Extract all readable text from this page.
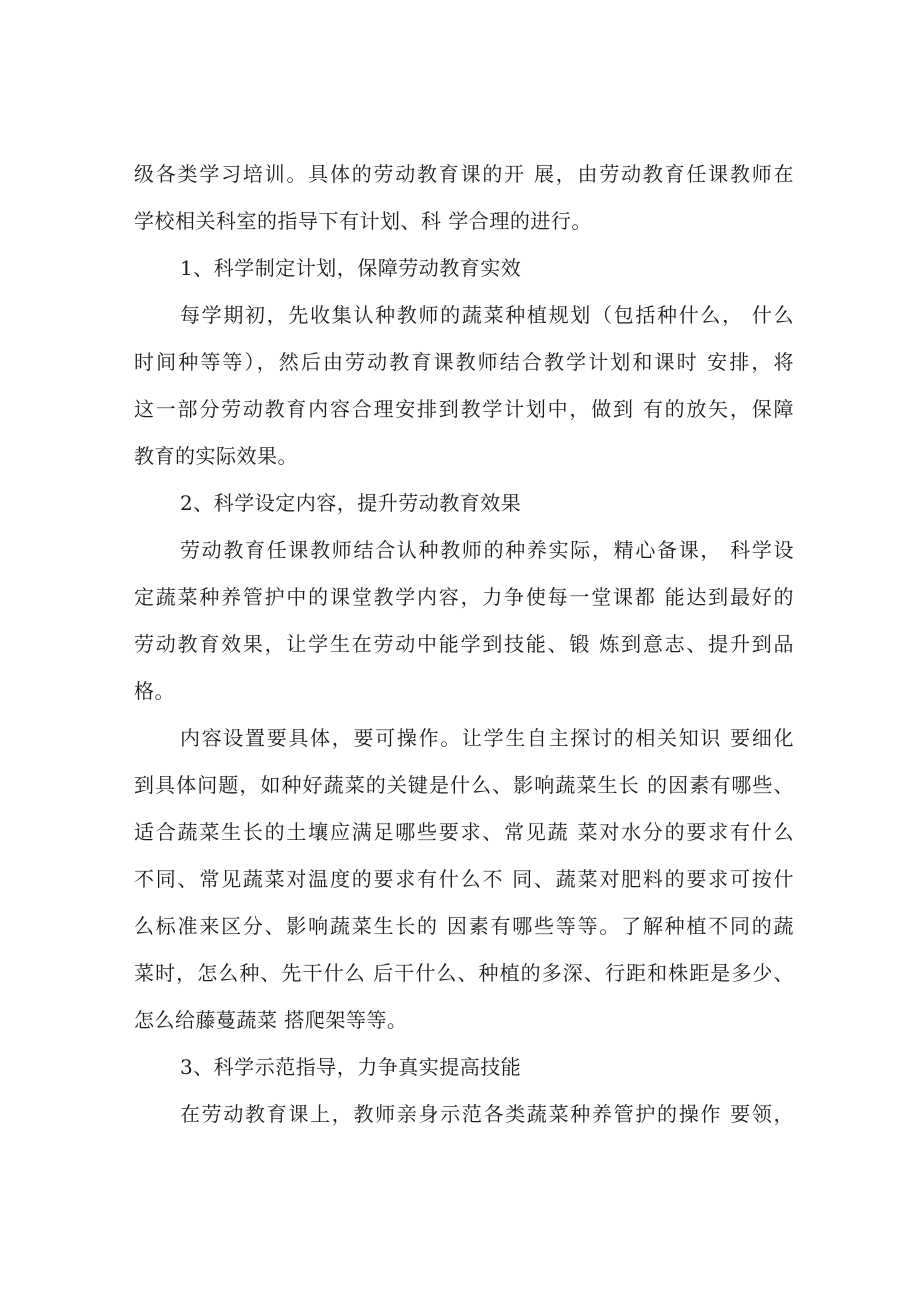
级各类学习培训。具体的劳动教育课的开 展，由劳动教育任课教师在
学校相关科室的指导下有计划、科 学合理的进行。
1、科学制定计划，保障劳动教育实效
每学期初，先收集认种教师的蔬菜种植规划（包括种什么， 什么
时间种等等），然后由劳动教育课教师结合教学计划和课时 安排，将
这一部分劳动教育内容合理安排到教学计划中，做到 有的放矢，保障
教育的实际效果。
2、科学设定内容，提升劳动教育效果
劳动教育任课教师结合认种教师的种养实际，精心备课， 科学设
定蔬菜种养管护中的课堂教学内容，力争使每一堂课都 能达到最好的
劳动教育效果，让学生在劳动中能学到技能、锻 炼到意志、提升到品
格。
内容设置要具体，要可操作。让学生自主探讨的相关知识 要细化
到具体问题，如种好蔬菜的关键是什么、影响蔬菜生长 的因素有哪些、
适合蔬菜生长的土壤应满足哪些要求、常见蔬 菜对水分的要求有什么
不同、常见蔬菜对温度的要求有什么不 同、蔬菜对肥料的要求可按什
么标准来区分、影响蔬菜生长的 因素有哪些等等。了解种植不同的蔬
菜时，怎么种、先干什么 后干什么、种植的多深、行距和株距是多少、
怎么给藤蔓蔬菜 搭爬架等等。
3、科学示范指导，力争真实提高技能
在劳动教育课上，教师亲身示范各类蔬菜种养管护的操作 要领，
